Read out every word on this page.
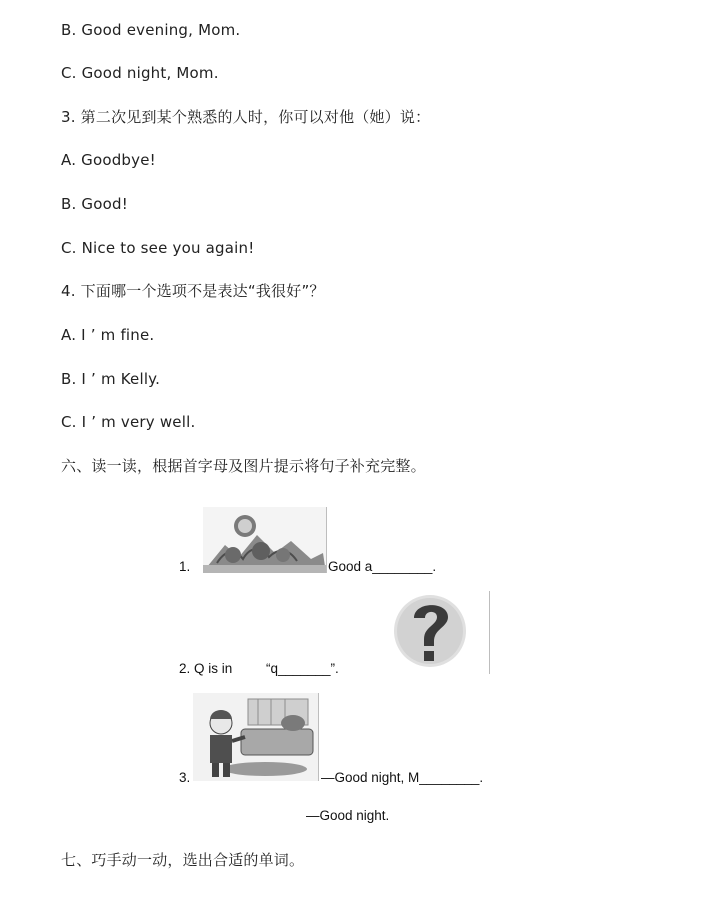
B. Good evening, Mom.
C. Good night, Mom.
3. 第二次见到某个熟悉的人时，你可以对他（她）说：
A. Goodbye!
B. Good!
C. Nice to see you again!
4. 下面哪一个选项不是表达“我很好”？
A. I ’ m fine.
B. I ’ m Kelly.
C. I ’ m very well.
六、读一读，根据首字母及图片提示将句子补充完整。
1.	Good a________.
2. Q is in “q_______”.
3.	—Good night, M________.
—Good night.
七、巧手动一动，选出合适的单词。
